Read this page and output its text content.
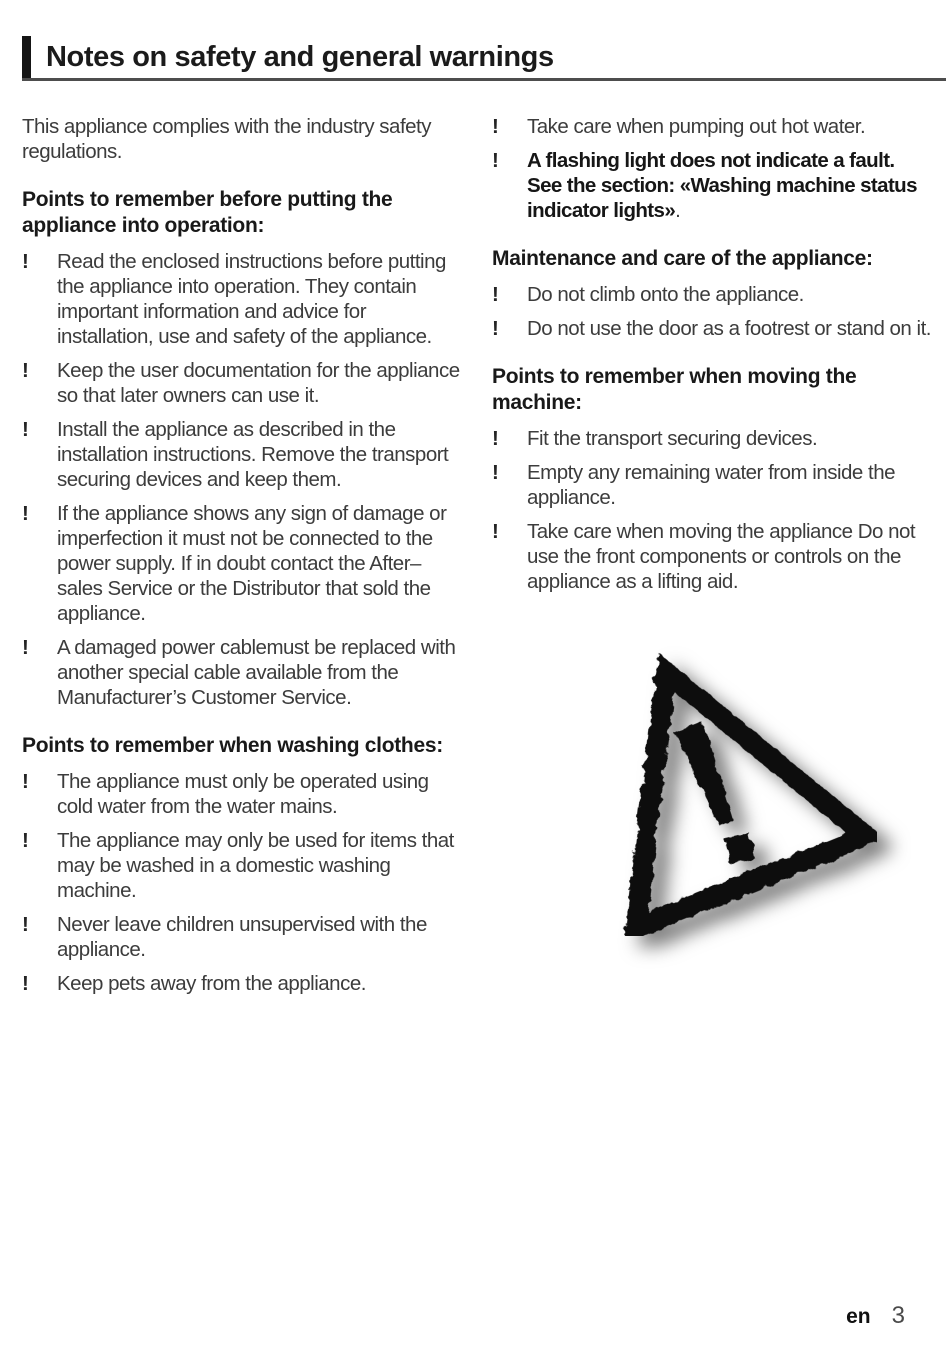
Notes on safety and general warnings

This appliance complies with the industry safety regulations.

Points to remember before putting the appliance into operation:
!	Read the enclosed instructions before putting the appliance into operation. They contain important information and advice for installation, use and safety of the appliance.
!	Keep the user documentation for the appliance so that later owners can use it.
!	Install the appliance as described in the installation instructions. Remove the transport securing devices and keep them.
!	If the appliance shows any sign of damage or imperfection it must not be connected to the power supply. If in doubt contact the After–sales Service or the Distributor that sold the appliance.
!	A damaged power cablemust be replaced with another special cable available from the Manufacturer’s Customer Service.
Points to remember when washing clothes:
!	The appliance must only be operated using cold water from the water mains.
!	The appliance may only be used for items that may be washed in a domestic washing machine.
!	Never leave children unsupervised with the appliance.
!	Keep pets away from the appliance.
!	Take care when pumping out hot water.
!	A flashing light does not indicate a fault. See the section: «Washing machine status indicator lights».
Maintenance and care of the appliance:
!	Do not climb onto the appliance.
!	Do not use the door as a footrest or stand on it.
Points to remember when moving the machine:
!	Fit the transport securing devices.
!	Empty any remaining water from inside the appliance.
!	Take care when moving the appliance Do not use the front components or controls on the appliance as a lifting aid.
en 3
